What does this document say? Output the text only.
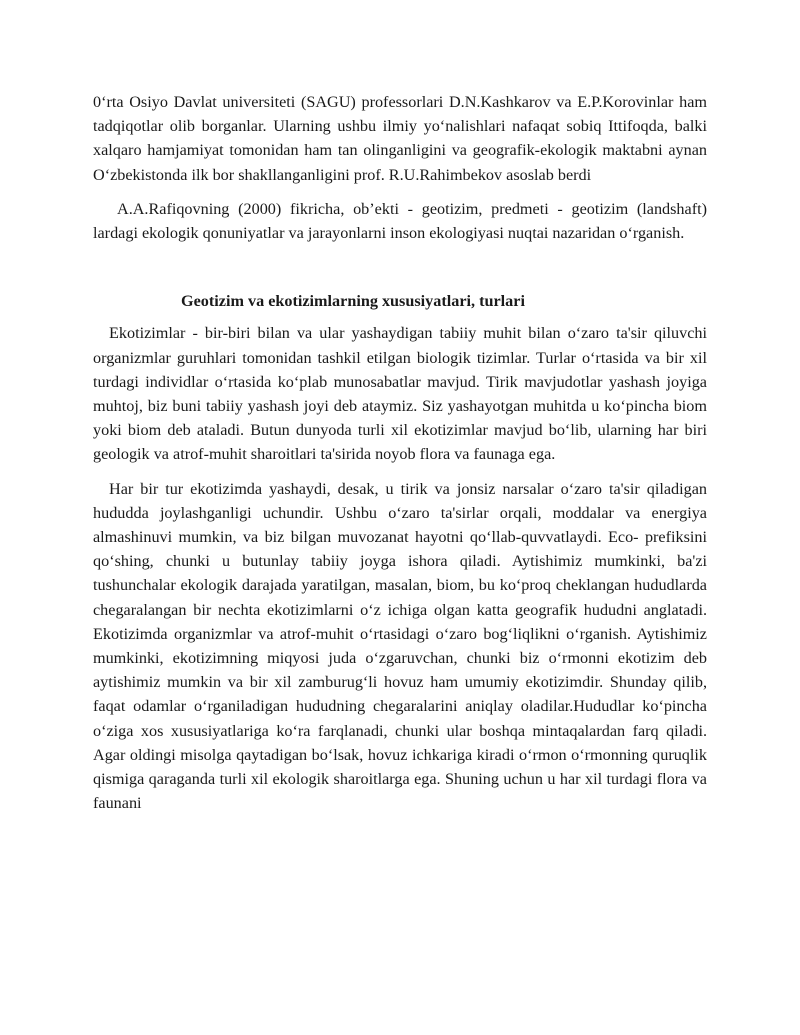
0‘rta Osiyo Davlat universiteti (SAGU) professorlari D.N.Kashkarov va E.P.Korovinlar ham tadqiqotlar olib borganlar. Ularning ushbu ilmiy yo‘nalishlari nafaqat sobiq Ittifoqda, balki xalqaro hamjamiyat tomonidan ham tan olinganligini va geografik-ekologik maktabni aynan O‘zbekistonda ilk bor shakllanganligini prof. R.U.Rahimbekov asoslab berdi

A.A.Rafiqovning (2000) fikricha, ob’ekti - geotizim, predmeti - geotizim (landshaft) lardagi ekologik qonuniyatlar va jarayonlarni inson ekologiyasi nuqtai nazaridan o‘rganish.

Geotizim va ekotizimlarning xususiyatlari, turlari

Ekotizimlar - bir-biri bilan va ular yashaydigan tabiiy muhit bilan o‘zaro ta'sir qiluvchi organizmlar guruhlari tomonidan tashkil etilgan biologik tizimlar. Turlar o‘rtasida va bir xil turdagi individlar o‘rtasida ko‘plab munosabatlar mavjud. Tirik mavjudotlar yashash joyiga muhtoj, biz buni tabiiy yashash joyi deb ataymiz. Siz yashayotgan muhitda u ko‘pincha biom yoki biom deb ataladi. Butun dunyoda turli xil ekotizimlar mavjud bo‘lib, ularning har biri geologik va atrof-muhit sharoitlari ta'sirida noyob flora va faunaga ega.

Har bir tur ekotizimda yashaydi, desak, u tirik va jonsiz narsalar o‘zaro ta'sir qiladigan hududda joylashganligi uchundir. Ushbu o‘zaro ta'sirlar orqali, moddalar va energiya almashinuvi mumkin, va biz bilgan muvozanat hayotni qo‘llab-quvvatlaydi. Eco- prefiksini qo‘shing, chunki u butunlay tabiiy joyga ishora qiladi. Aytishimiz mumkinki, ba'zi tushunchalar ekologik darajada yaratilgan, masalan, biom, bu ko‘proq cheklangan hududlarda chegaralangan bir nechta ekotizimlarni o‘z ichiga olgan katta geografik hududni anglatadi. Ekotizimda organizmlar va atrof-muhit o‘rtasidagi o‘zaro bog‘liqlikni o‘rganish. Aytishimiz mumkinki, ekotizimning miqyosi juda o‘zgaruvchan, chunki biz o‘rmonni ekotizim deb aytishimiz mumkin va bir xil zamburug‘li hovuz ham umumiy ekotizimdir. Shunday qilib, faqat odamlar o‘rganiladigan hududning chegaralarini aniqlay oladilar.Hududlar ko‘pincha o‘ziga xos xususiyatlariga ko‘ra farqlanadi, chunki ular boshqa mintaqalardan farq qiladi. Agar oldingi misolga qaytadigan bo‘lsak, hovuz ichkariga kiradi o‘rmon o‘rmonning quruqlik qismiga qaraganda turli xil ekologik sharoitlarga ega. Shuning uchun u har xil turdagi flora va faunani
